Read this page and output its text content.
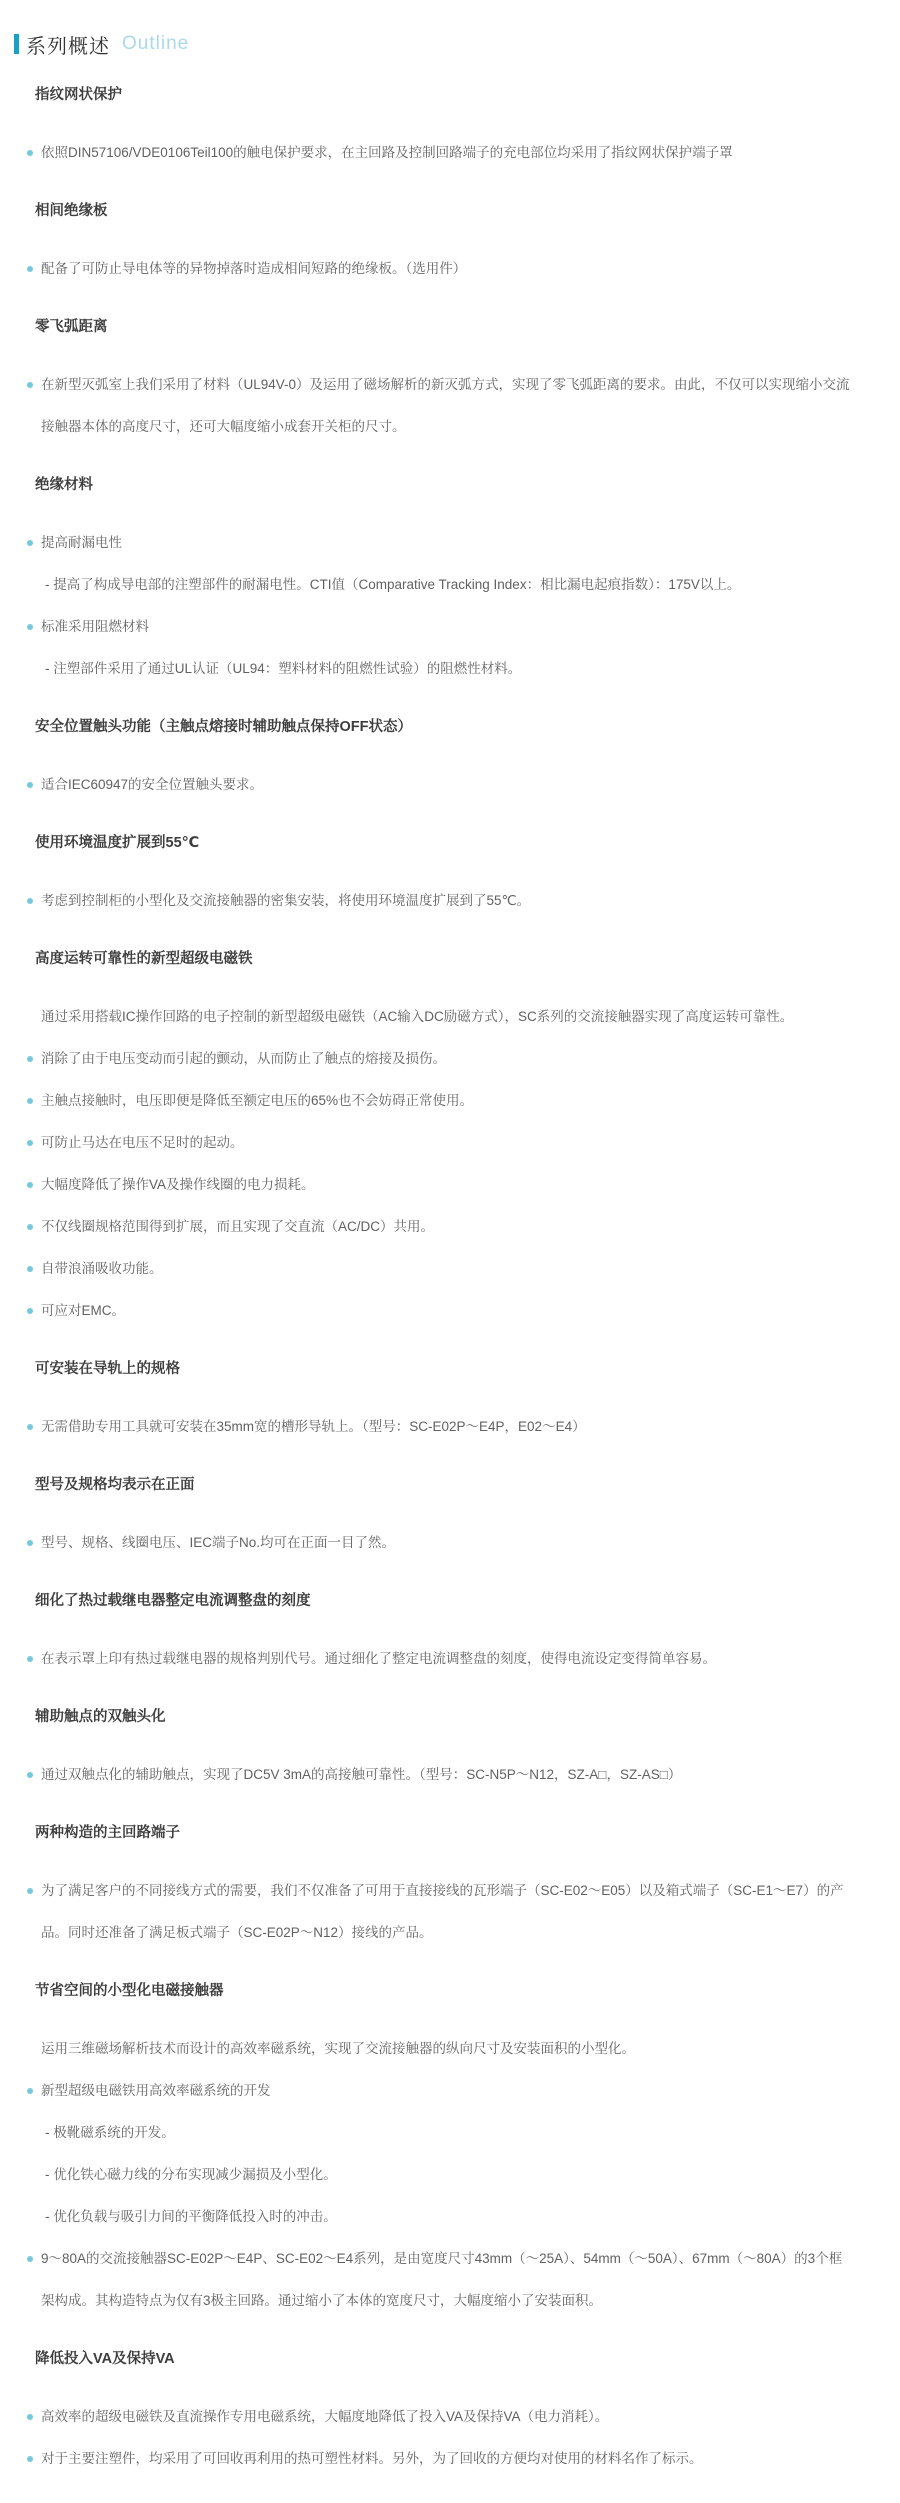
系列概述 Outline
指纹网状保护
依照DIN57106/VDE0106Teil100的触电保护要求，在主回路及控制回路端子的充电部位均采用了指纹网状保护端子罩
相间绝缘板
配备了可防止导电体等的异物掉落时造成相间短路的绝缘板。（选用件）
零飞弧距离
在新型灭弧室上我们采用了材料（UL94V-0）及运用了磁场解析的新灭弧方式，实现了零飞弧距离的要求。由此，不仅可以实现缩小交流接触器本体的高度尺寸，还可大幅度缩小成套开关柜的尺寸。
绝缘材料
提高耐漏电性
- 提高了构成导电部的注塑部件的耐漏电性。CTI值（Comparative Tracking Index：相比漏电起痕指数）：175V以上。
标准采用阻燃材料
- 注塑部件采用了通过UL认证（UL94：塑料材料的阻燃性试验）的阻燃性材料。
安全位置触头功能（主触点熔接时辅助触点保持OFF状态）
适合IEC60947的安全位置触头要求。
使用环境温度扩展到55℃
考虑到控制柜的小型化及交流接触器的密集安装，将使用环境温度扩展到了55℃。
高度运转可靠性的新型超级电磁铁
通过采用搭载IC操作回路的电子控制的新型超级电磁铁（AC输入DC励磁方式），SC系列的交流接触器实现了高度运转可靠性。
消除了由于电压变动而引起的颤动，从而防止了触点的熔接及损伤。
主触点接触时，电压即便是降低至额定电压的65%也不会妨碍正常使用。
可防止马达在电压不足时的起动。
大幅度降低了操作VA及操作线圈的电力损耗。
不仅线圈规格范围得到扩展，而且实现了交直流（AC/DC）共用。
自带浪涌吸收功能。
可应对EMC。
可安装在导轨上的规格
无需借助专用工具就可安装在35mm宽的槽形导轨上。（型号：SC-E02P～E4P，E02～E4）
型号及规格均表示在正面
型号、规格、线圈电压、IEC端子No.均可在正面一目了然。
细化了热过载继电器整定电流调整盘的刻度
在表示罩上印有热过载继电器的规格判别代号。通过细化了整定电流调整盘的刻度，使得电流设定变得简单容易。
辅助触点的双触头化
通过双触点化的辅助触点，实现了DC5V 3mA的高接触可靠性。（型号：SC-N5P～N12，SZ-A□，SZ-AS□）
两种构造的主回路端子
为了满足客户的不同接线方式的需要，我们不仅准备了可用于直接接线的瓦形端子（SC-E02～E05）以及箱式端子（SC-E1～E7）的产品。同时还准备了满足板式端子（SC-E02P～N12）接线的产品。
节省空间的小型化电磁接触器
运用三维磁场解析技术而设计的高效率磁系统，实现了交流接触器的纵向尺寸及安装面积的小型化。
新型超级电磁铁用高效率磁系统的开发
- 极靴磁系统的开发。
- 优化铁心磁力线的分布实现减少漏损及小型化。
- 优化负载与吸引力间的平衡降低投入时的冲击。
9～80A的交流接触器SC-E02P～E4P、SC-E02～E4系列，是由宽度尺寸43mm（～25A）、54mm（～50A）、67mm（～80A）的3个框架构成。其构造特点为仅有3极主回路。通过缩小了本体的宽度尺寸，大幅度缩小了安装面积。
降低投入VA及保持VA
高效率的超级电磁铁及直流操作专用电磁系统，大幅度地降低了投入VA及保持VA（电力消耗）。
对于主要注塑件，均采用了可回收再利用的热可塑性材料。另外，为了回收的方便均对使用的材料名作了标示。
